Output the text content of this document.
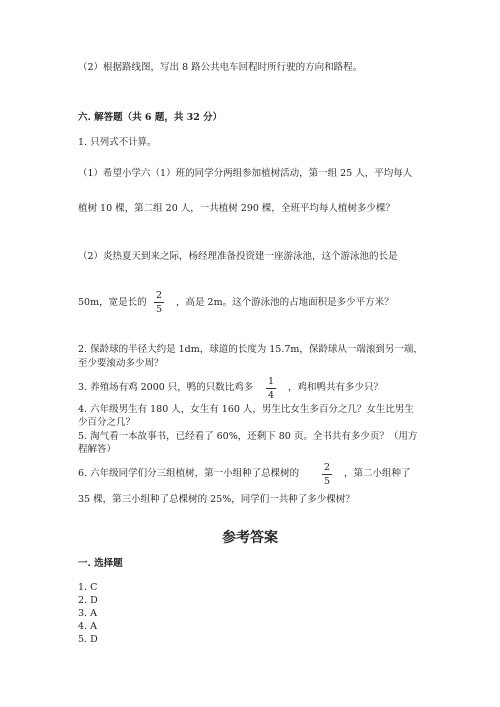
（2）根据路线图，写出 8 路公共电车回程时所行驶的方向和路程。
六. 解答题（共 6 题，共 32 分）
1. 只列式不计算。
（1）希望小学六（1）班的同学分两组参加植树活动，第一组 25 人，平均每人
植树 10 棵，第二组 20 人，一共植树 290 棵，全班平均每人植树多少棵？
（2）炎热夏天到来之际，杨经理准备投资建一座游泳池，这个游泳池的长是
50m，宽是长的
2
5
，高是 2m。这个游泳池的占地面积是多少平方米？
2. 保龄球的半径大约是 1dm，球道的长度为 15.7m，保龄球从一端滚到另一端，
至少要滚动多少周？
3. 养殖场有鸡 2000 只，鸭的只数比鸡多
1
4
，鸡和鸭共有多少只？
4. 六年级男生有 180 人，女生有 160 人，男生比女生多百分之几？女生比男生
少百分之几？
5. 淘气看一本故事书，已经看了 60%，还剩下 80 页。全书共有多少页？（用方
程解答）
6. 六年级同学们分三组植树，第一小组种了总棵树的
2
5
，第二小组种了
35 棵，第三小组种了总棵树的 25%，同学们一共种了多少棵树？
参考答案
一. 选择题
1. C
2. D
3. A
4. A
5. D
